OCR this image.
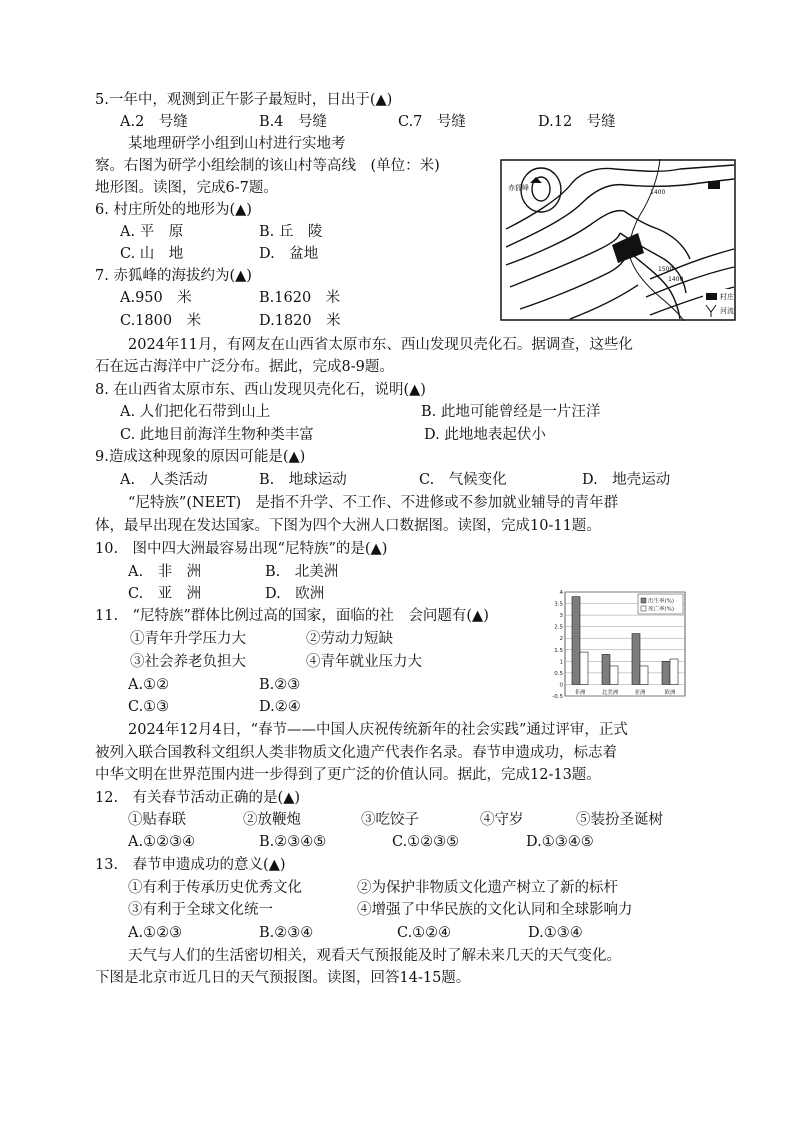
5.一年中，观测到正午影子最短时，日出于(▲)
A.2　号缝	B.4　号缝	C.7　号缝	D.12　号缝
某地理研学小组到山村进行实地考
察。右图为研学小组绘制的该山村等高线　(单位：米)
地形图。读图，完成6-7题。
6. 村庄所处的地形为(▲)
A. 平　原	B. 丘　陵
C. 山　地	D.　盆地
7. 赤狐峰的海拔约为(▲)
A.950　米	B.1620　米
C.1800　米	D.1820　米
赤狐峰
1400
1500
1400
村庄
河流
2024年11月，有网友在山西省太原市东、西山发现贝壳化石。据调查，这些化
石在远古海洋中广泛分布。据此，完成8-9题。
8. 在山西省太原市东、西山发现贝壳化石，说明(▲)
A. 人们把化石带到山上	B. 此地可能曾经是一片汪洋
C. 此地目前海洋生物种类丰富	D. 此地地表起伏小
9.造成这种现象的原因可能是(▲)
A.　人类活动	B.　地球运动	C.　气候变化	D.　地壳运动
“尼特族”(NEET)　是指不升学、不工作、不进修或不参加就业辅导的青年群
体，最早出现在发达国家。下图为四个大洲人口数据图。读图，完成10-11题。
10.　图中四大洲最容易出现“尼特族”的是(▲)
A.　非　洲	B.　北美洲
C.　亚　洲	D.　欧洲
11.　“尼特族”群体比例过高的国家，面临的社　会问题有(▲)
①青年升学压力大	②劳动力短缺
③社会养老负担大	④青年就业压力大
A.①②	B.②③
C.①③	D.②④
4
3.5
3
2.5
2
1.5
1
0.5
0
-0.5
非洲	北美洲	亚洲	欧洲
出生率(%)
死亡率(%)
2024年12月4日，“春节——中国人庆祝传统新年的社会实践”通过评审，正式
被列入联合国教科文组织人类非物质文化遗产代表作名录。春节申遗成功，标志着
中华文明在世界范围内进一步得到了更广泛的价值认同。据此，完成12-13题。
12.　有关春节活动正确的是(▲)
①贴春联	②放鞭炮	③吃饺子	④守岁	⑤装扮圣诞树
A.①②③④	B.②③④⑤	C.①②③⑤	D.①③④⑤
13.　春节申遗成功的意义(▲)
①有利于传承历史优秀文化	②为保护非物质文化遗产树立了新的标杆
③有利于全球文化统一	④增强了中华民族的文化认同和全球影响力
A.①②③	B.②③④	C.①②④	D.①③④
天气与人们的生活密切相关，观看天气预报能及时了解未来几天的天气变化。
下图是北京市近几日的天气预报图。读图，回答14-15题。
